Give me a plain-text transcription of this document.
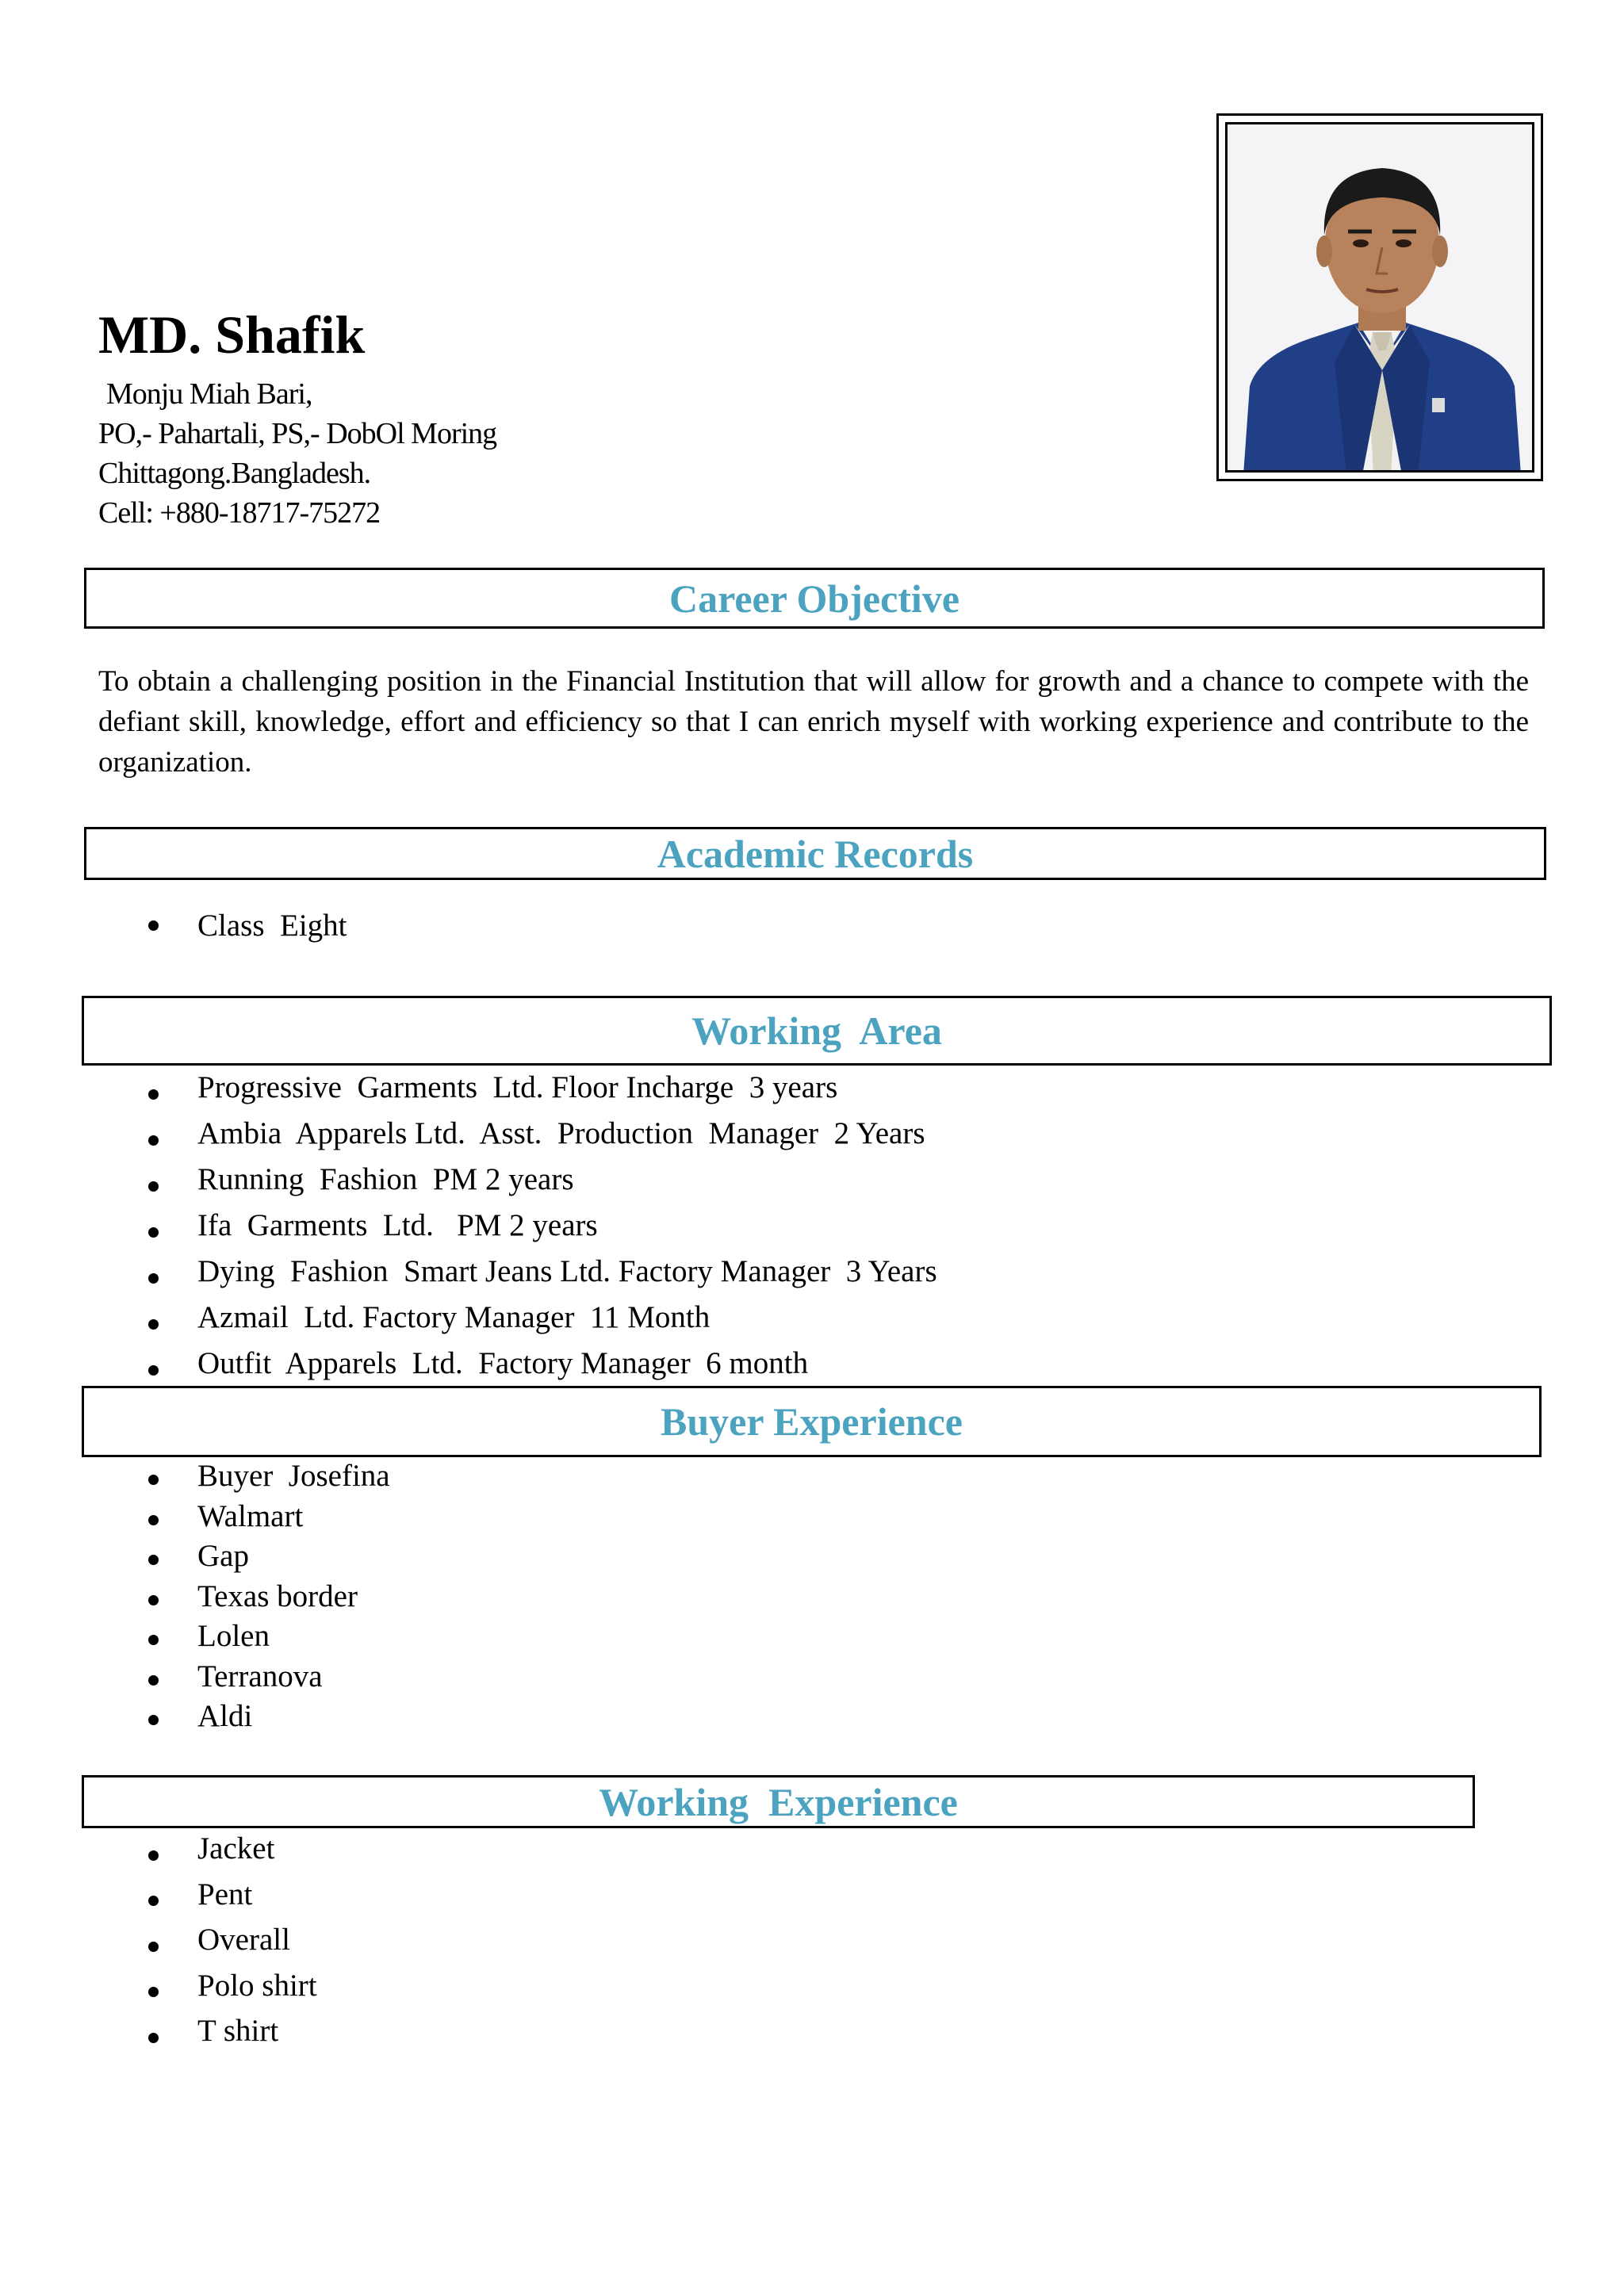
MD. Shafik
Monju Miah Bari,
PO,- Pahartali, PS,- DobOl Moring
Chittagong.Bangladesh.
Cell: +880-18717-75272
Career Objective
To obtain a challenging position in the Financial Institution that will allow for growth and a chance to compete with the defiant skill, knowledge, effort and efficiency so that I can enrich myself with working experience and contribute to the organization.
Academic Records
Class  Eight
Working  Area
Progressive  Garments  Ltd. Floor Incharge  3 years
Ambia  Apparels Ltd.  Asst.  Production  Manager  2 Years
Running  Fashion  PM 2 years
Ifa  Garments  Ltd.   PM 2 years
Dying  Fashion  Smart Jeans Ltd. Factory Manager  3 Years
Azmail  Ltd. Factory Manager  11 Month
Outfit  Apparels  Ltd.  Factory Manager  6 month
Buyer Experience
Buyer  Josefina
Walmart
Gap
Texas border
Lolen
Terranova
Aldi
Working  Experience
Jacket
Pent
Overall
Polo shirt
T shirt
